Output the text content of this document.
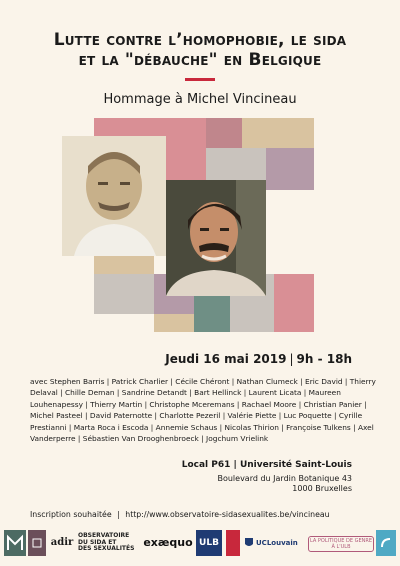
Lutte contre l’homophobie, le sida
et la "débauche" en Belgique
Hommage à Michel Vincineau
Jeudi 16 mai 2019 | 9h - 18h
avec Stephen Barris | Patrick Charlier | Cécile Chéront | Nathan Clumeck | Eric David | Thierry Delaval | Chille Deman | Sandrine Detandt | Bart Hellinck | Laurent Licata | Maureen Louhenapessy | Thierry Martin | Christophe Mceremans | Rachael Moore | Christian Panier | Michel Pasteel | David Paternotte | Charlotte Pezeril | Valérie Piette | Luc Poquette | Cyrille Prestianni | Marta Roca i Escoda | Annemie Schaus | Nicolas Thirion | Françoise Tulkens | Axel Vanderperre | Sébastien Van Drooghenbroeck | Jogchum Vrielink
Local P61 | Université Saint-Louis
Boulevard du Jardin Botanique 43
1000 Bruxelles
Inscription souhaitée | http://www.observatoire-sidasexualites.be/vincineau
adir
OBSERVATOIRE
DU SIDA ET
DES SEXUALITÉS exæquo ULB	UCLouvain LA POLITIQUE DE GENRE À L'ULB
